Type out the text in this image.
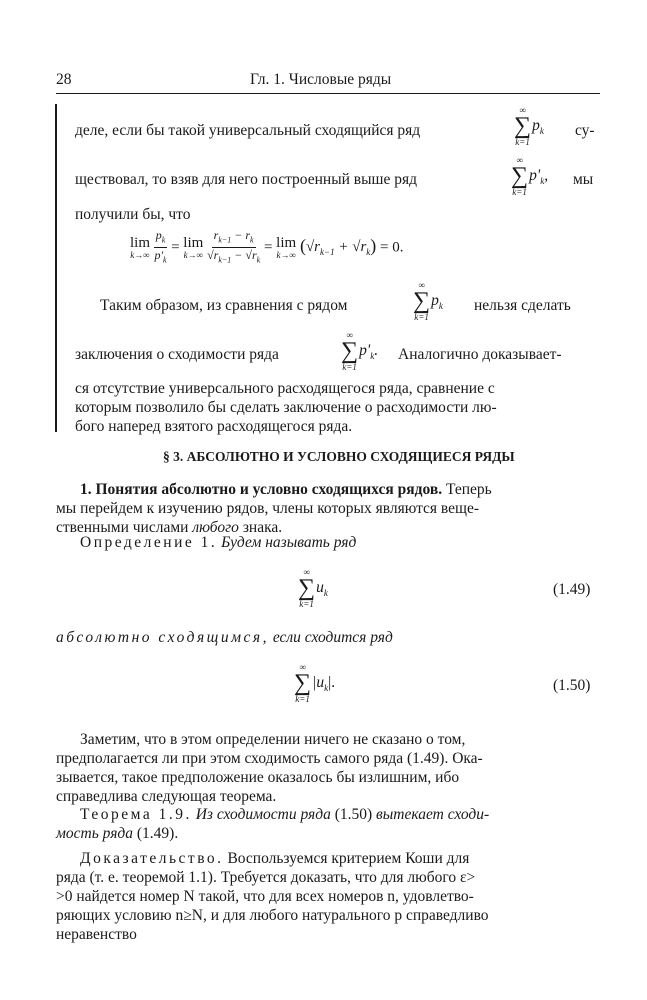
28	Гл. 1. Числовые ряды
деле, если бы такой универсальный сходящийся ряд
∞
∑
k=1
$p_k$ су-
ществовал, то взяв для него построенный выше ряд
∞
∑
k=1
$p'_k$, мы
получили бы, что
lim
k→∞
$\frac{p_k}{p'_k} = \lim$
k→∞
$\frac{r_{k-1} - r_k}{√r_{k-1} - √r_k} = \lim$
k→∞ $(√r_{k-1} + √r_k) = 0$.
Таким образом, из сравнения с рядом
∞
∑
k=1
$p_k$ нельзя сделать
заключения о сходимости ряда
∞
∑
k=1
$p'_k$. Аналогично доказывает-
ся отсутствие универсального расходящегося ряда, сравнение с
которым позволило бы сделать заключение о расходимости лю-
бого наперед взятого расходящегося ряда.
§ 3. АБСОЛЮТНО И УСЛОВНО СХОДЯЩИЕСЯ РЯДЫ
1. Понятия абсолютно и условно сходящихся рядов. Теперь
мы перейдем к изучению рядов, члены которых являются веще-
ственными числами любого знака.
Определение 1. Будем называть ряд
∞
∑
k=1
$u_k$	(1.49)
абсолютно сходящимся, если сходится ряд
∞
∑
k=1
$|u_k|$.	(1.50)
Заметим, что в этом определении ничего не сказано о том,
предполагается ли при этом сходимость самого ряда (1.49). Ока-
зывается, такое предположение оказалось бы излишним, ибо
справедлива следующая теорема.
Теорема 1.9. Из сходимости ряда (1.50) вытекает сходи-
мость ряда (1.49).
Доказательство. Воспользуемся критерием Коши для
ряда (т. е. теоремой 1.1). Требуется доказать, что для любого ε>
>0 найдется номер N такой, что для всех номеров n, удовлетво-
ряющих условию n≥N, и для любого натурального p справедливо
неравенство
